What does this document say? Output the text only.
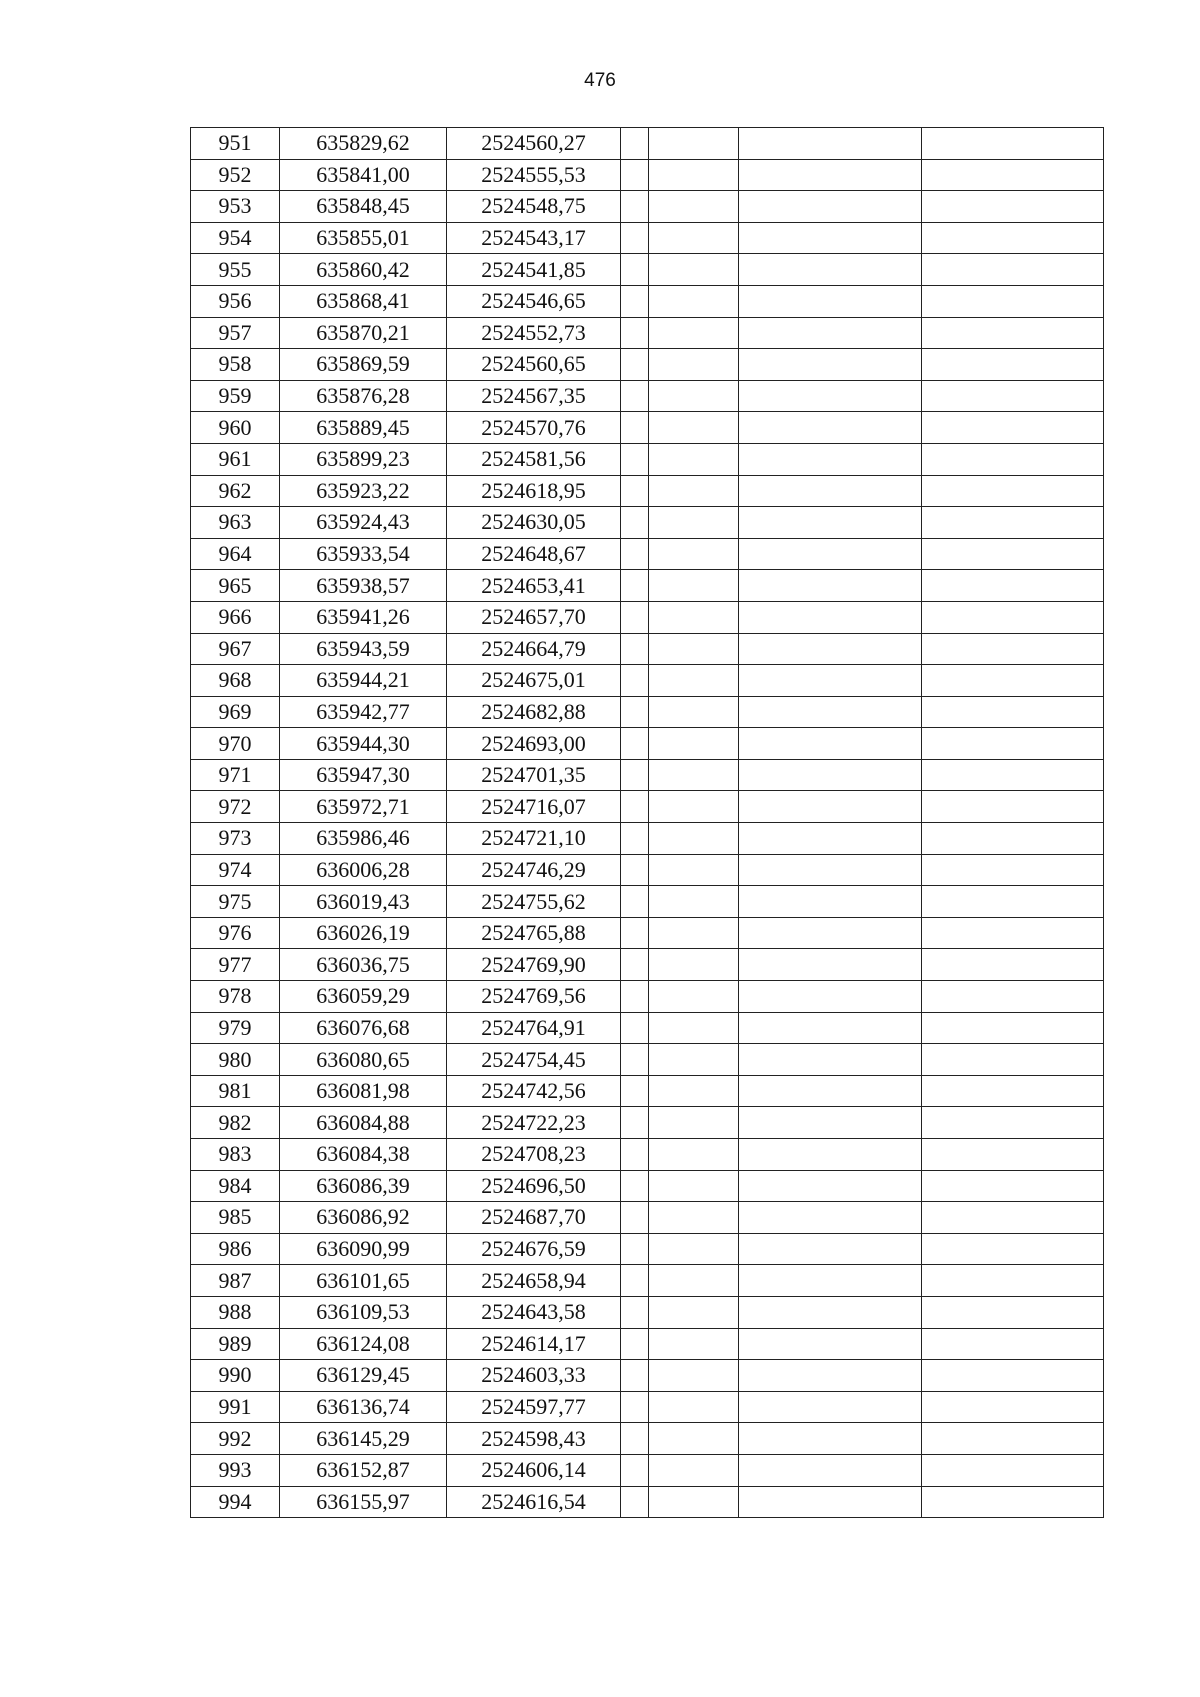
476
951	635829,62	2524560,27				
952	635841,00	2524555,53				
953	635848,45	2524548,75				
954	635855,01	2524543,17				
955	635860,42	2524541,85				
956	635868,41	2524546,65				
957	635870,21	2524552,73				
958	635869,59	2524560,65				
959	635876,28	2524567,35				
960	635889,45	2524570,76				
961	635899,23	2524581,56				
962	635923,22	2524618,95				
963	635924,43	2524630,05				
964	635933,54	2524648,67				
965	635938,57	2524653,41				
966	635941,26	2524657,70				
967	635943,59	2524664,79				
968	635944,21	2524675,01				
969	635942,77	2524682,88				
970	635944,30	2524693,00				
971	635947,30	2524701,35				
972	635972,71	2524716,07				
973	635986,46	2524721,10				
974	636006,28	2524746,29				
975	636019,43	2524755,62				
976	636026,19	2524765,88				
977	636036,75	2524769,90				
978	636059,29	2524769,56				
979	636076,68	2524764,91				
980	636080,65	2524754,45				
981	636081,98	2524742,56				
982	636084,88	2524722,23				
983	636084,38	2524708,23				
984	636086,39	2524696,50				
985	636086,92	2524687,70				
986	636090,99	2524676,59				
987	636101,65	2524658,94				
988	636109,53	2524643,58				
989	636124,08	2524614,17				
990	636129,45	2524603,33				
991	636136,74	2524597,77				
992	636145,29	2524598,43				
993	636152,87	2524606,14				
994	636155,97	2524616,54				
